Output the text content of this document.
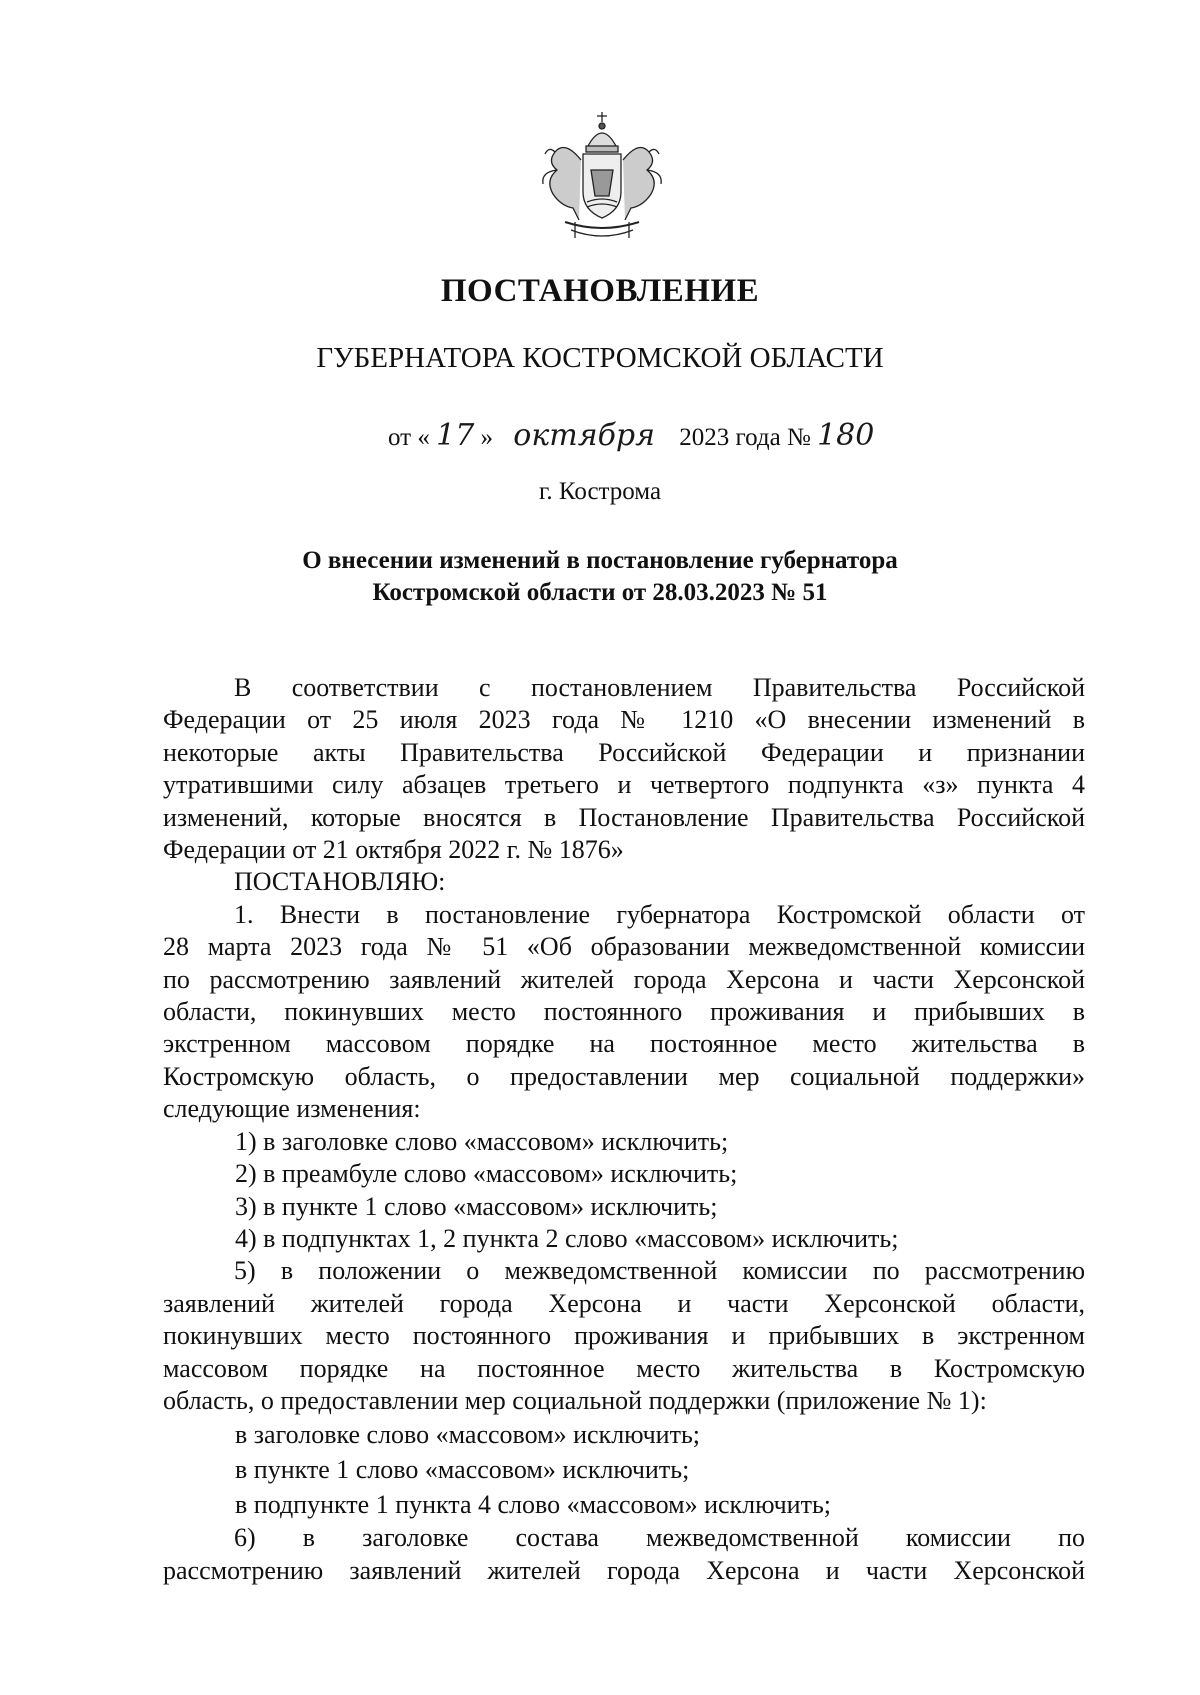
ПОСТАНОВЛЕНИЕ
ГУБЕРНАТОРА КОСТРОМСКОЙ ОБЛАСТИ
от « 17 » октября 2023 года № 180
г. Кострома
О внесении изменений в постановление губернатора
Костромской области от 28.03.2023 № 51

В соответствии с постановлением Правительства Российской

Федерации от 25 июля 2023 года № 1210 «О внесении изменений в

некоторые акты Правительства Российской Федерации и признании

утратившими силу абзацев третьего и четвертого подпункта «з» пункта 4

изменений, которые вносятся в Постановление Правительства Российской

Федерации от 21 октября 2022 г. № 1876»

ПОСТАНОВЛЯЮ:

1. Внести в постановление губернатора Костромской области от

28 марта 2023 года № 51 «Об образовании межведомственной комиссии

по рассмотрению заявлений жителей города Херсона и части Херсонской

области, покинувших место постоянного проживания и прибывших в

экстренном массовом порядке на постоянное место жительства в

Костромскую область, о предоставлении мер социальной поддержки»

следующие изменения:

1) в заголовке слово «массовом» исключить;

2) в преамбуле слово «массовом» исключить;

3) в пункте 1 слово «массовом» исключить;

4) в подпунктах 1, 2 пункта 2 слово «массовом» исключить;

5) в положении о межведомственной комиссии по рассмотрению

заявлений жителей города Херсона и части Херсонской области,

покинувших место постоянного проживания и прибывших в экстренном

массовом порядке на постоянное место жительства в Костромскую

область, о предоставлении мер социальной поддержки (приложение № 1):

в заголовке слово «массовом» исключить;

в пункте 1 слово «массовом» исключить;

в подпункте 1 пункта 4 слово «массовом» исключить;

6) в заголовке состава межведомственной комиссии по

рассмотрению заявлений жителей города Херсона и части Херсонской
